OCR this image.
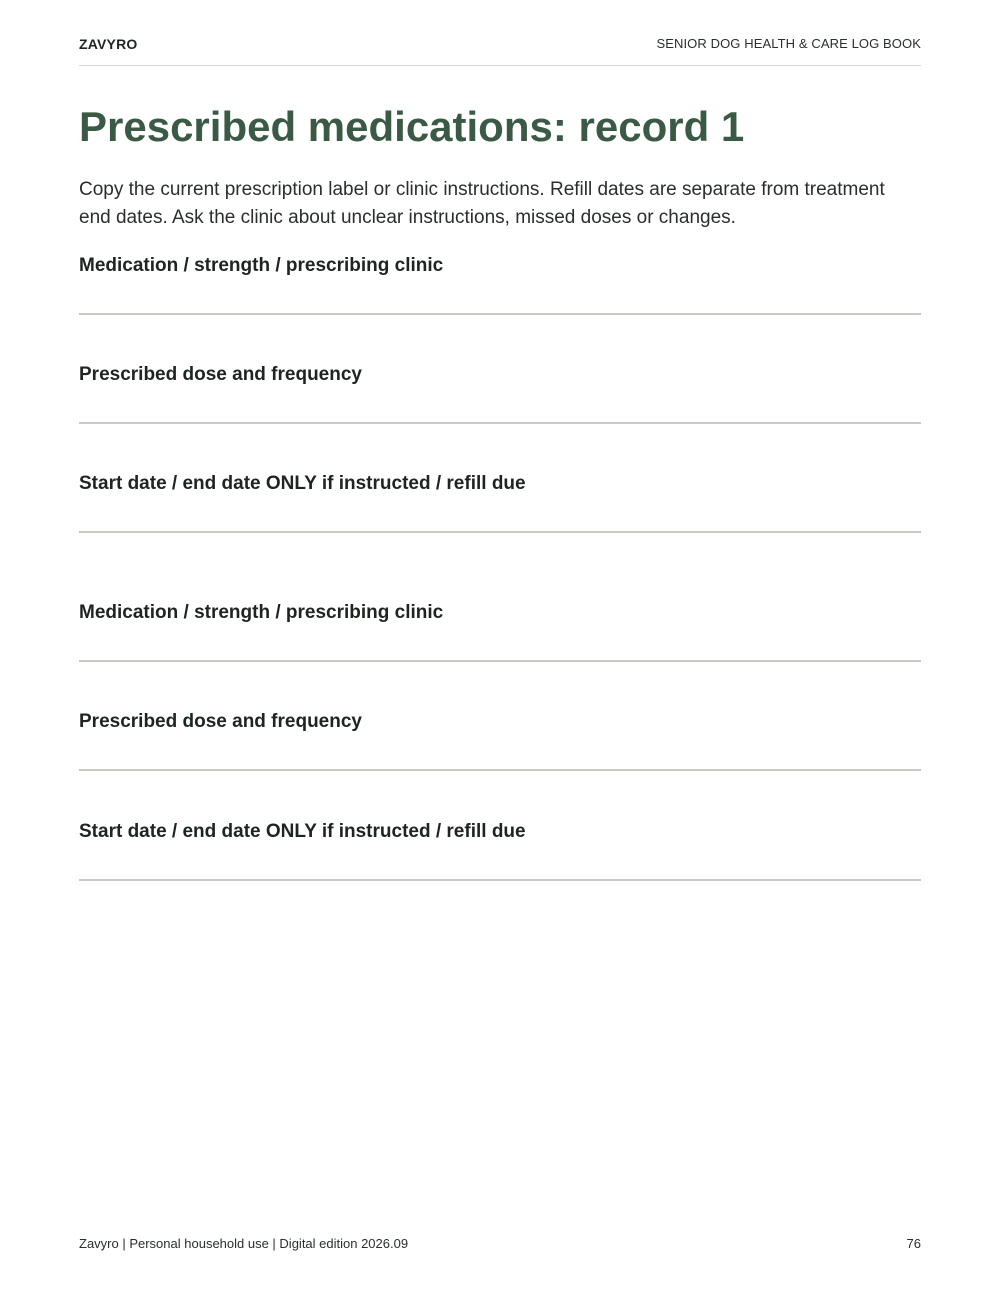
ZAVYRO	SENIOR DOG HEALTH & CARE LOG BOOK
Prescribed medications: record 1

Copy the current prescription label or clinic instructions. Refill dates are separate from treatment end dates. Ask the clinic about unclear instructions, missed doses or changes.

Medication / strength / prescribing clinic
Prescribed dose and frequency
Start date / end date ONLY if instructed / refill due
Medication / strength / prescribing clinic
Prescribed dose and frequency
Start date / end date ONLY if instructed / refill due
Zavyro | Personal household use | Digital edition 2026.09	76
